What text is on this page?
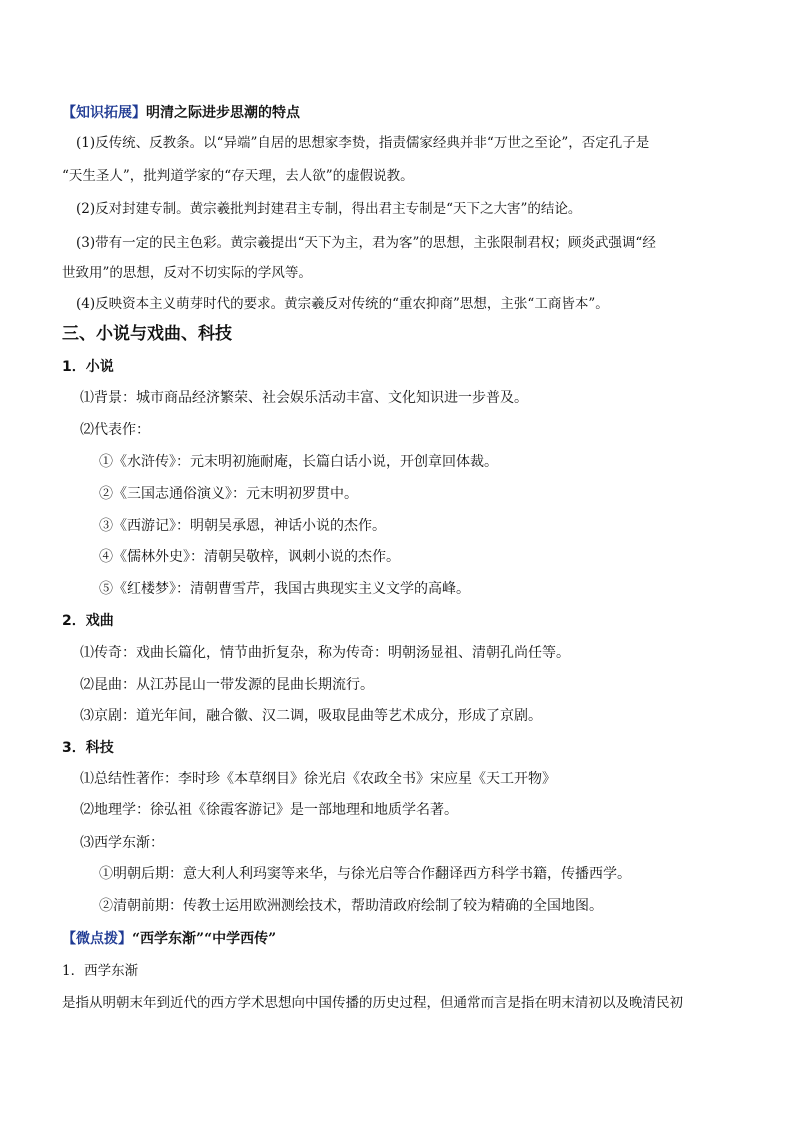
【知识拓展】明清之际进步思潮的特点
(1)反传统、反教条。以“异端”自居的思想家李贽，指责儒家经典并非“万世之至论”，否定孔子是
“天生圣人”，批判道学家的“存天理，去人欲”的虚假说教。
(2)反对封建专制。黄宗羲批判封建君主专制，得出君主专制是“天下之大害”的结论。
(3)带有一定的民主色彩。黄宗羲提出“天下为主，君为客”的思想，主张限制君权；顾炎武强调“经
世致用”的思想，反对不切实际的学风等。
(4)反映资本主义萌芽时代的要求。黄宗羲反对传统的“重农抑商”思想，主张“工商皆本”。
三、小说与戏曲、科技
1．小说
⑴背景：城市商品经济繁荣、社会娱乐活动丰富、文化知识进一步普及。
⑵代表作：
①《水浒传》：元末明初施耐庵，长篇白话小说，开创章回体裁。
②《三国志通俗演义》：元末明初罗贯中。
③《西游记》：明朝吴承恩，神话小说的杰作。
④《儒林外史》：清朝吴敬梓，讽刺小说的杰作。
⑤《红楼梦》：清朝曹雪芹，我国古典现实主义文学的高峰。
2．戏曲
⑴传奇：戏曲长篇化，情节曲折复杂，称为传奇：明朝汤显祖、清朝孔尚任等。
⑵昆曲：从江苏昆山一带发源的昆曲长期流行。
⑶京剧：道光年间，融合徽、汉二调，吸取昆曲等艺术成分，形成了京剧。
3．科技
⑴总结性著作：李时珍《本草纲目》徐光启《农政全书》宋应星《天工开物》
⑵地理学：徐弘祖《徐霞客游记》是一部地理和地质学名著。
⑶西学东渐：
①明朝后期：意大利人利玛窦等来华，与徐光启等合作翻译西方科学书籍，传播西学。
②清朝前期：传教士运用欧洲测绘技术，帮助清政府绘制了较为精确的全国地图。
【微点拨】“西学东渐”“中学西传”
1．西学东渐
是指从明朝末年到近代的西方学术思想向中国传播的历史过程，但通常而言是指在明末清初以及晚清民初
